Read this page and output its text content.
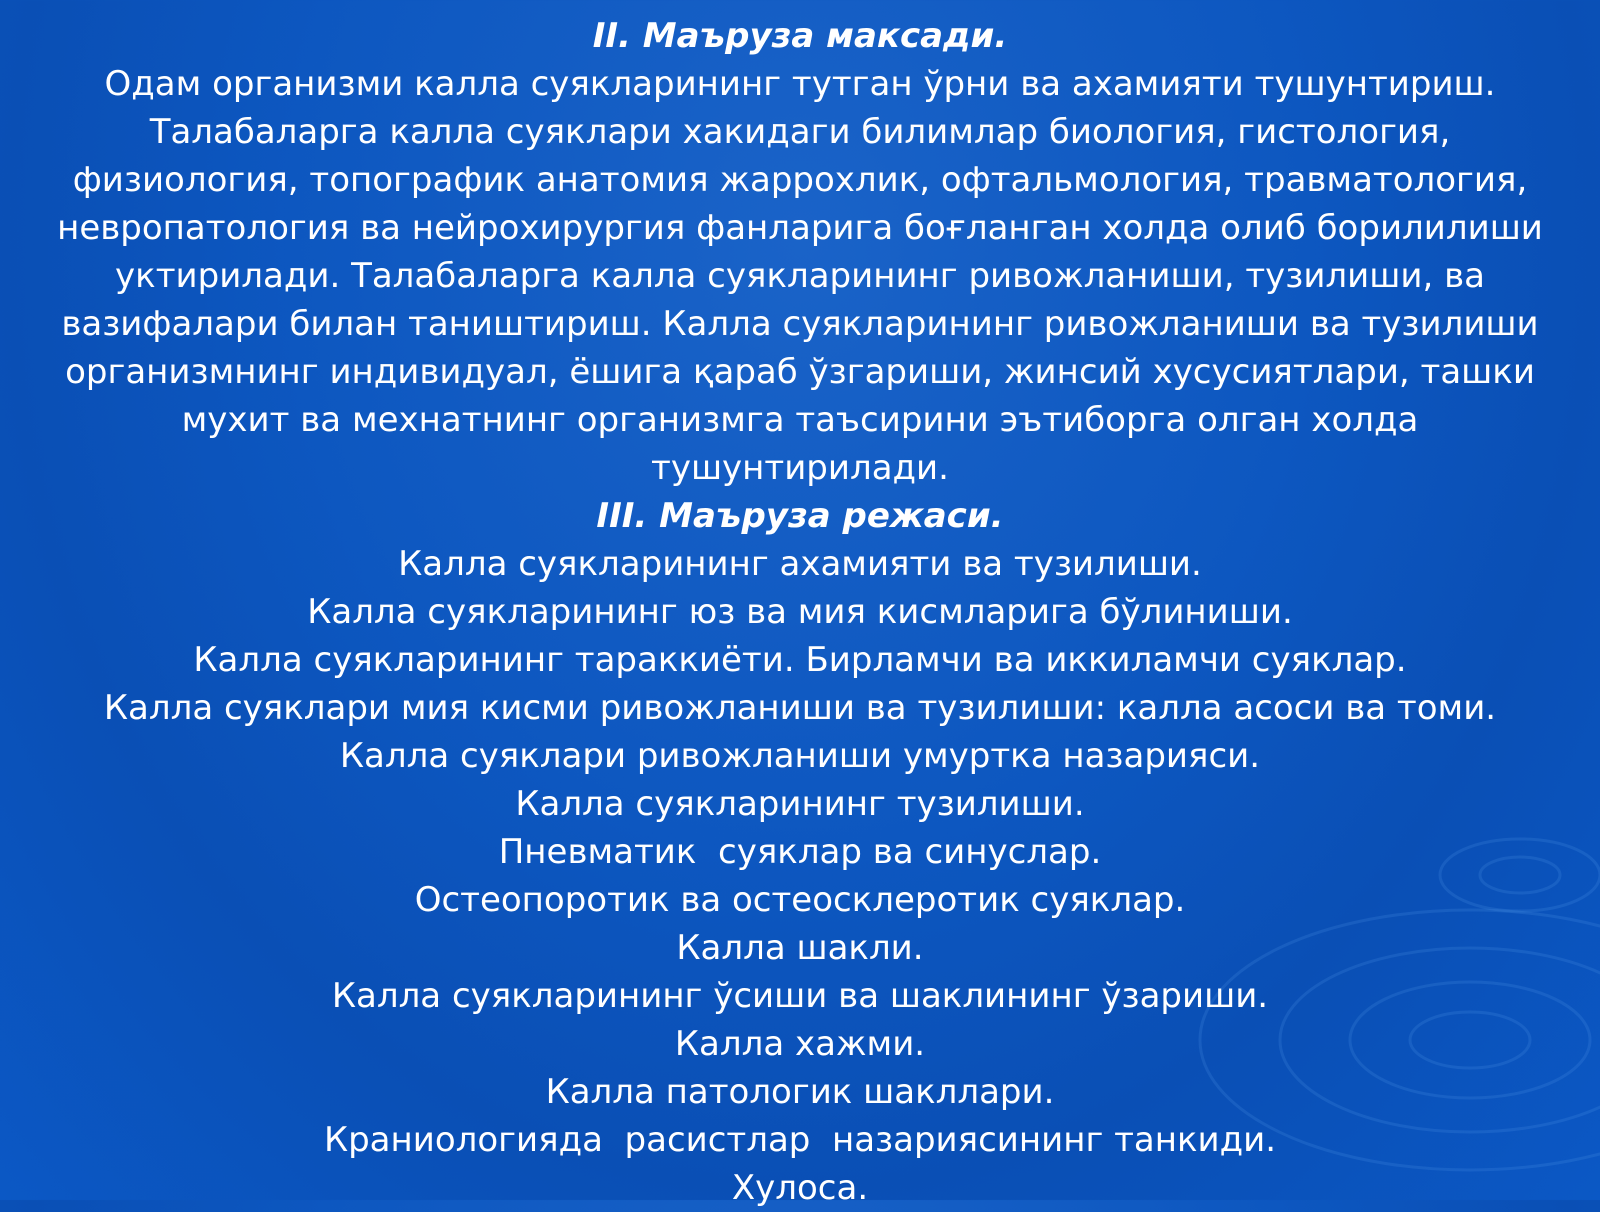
II. Маъруза максади.

Одам организми калла суякларининг тутган ўрни ва ахамияти тушунтириш. Талабаларга калла суяклари хакидаги билимлар биология, гистология, физиология, топографик анатомия жаррохлик, офтальмология, травматология, невропатология ва нейрохирургия фанларига боғланган холда олиб борилилиши уктирилади. Талабаларга калла суякларининг ривожланиши, тузилиши, ва вазифалари билан таништириш. Калла суякларининг ривожланиши ва тузилиши организмнинг индивидуал, ёшига қараб ўзгариши, жинсий хусусиятлари, ташки мухит ва мехнатнинг организмга таъсирини эътиборга олган холда тушунтирилади.

III. Маъруза режаси.
Калла суякларининг ахамияти ва тузилиши.
Калла суякларининг юз ва мия кисмларига бўлиниши.
Калла суякларининг тараккиёти. Бирламчи ва иккиламчи суяклар.
Калла суяклари мия кисми ривожланиши ва тузилиши: калла асоси ва томи.
Калла суяклари ривожланиши умуртка назарияси.
Калла суякларининг тузилиши.
Пневматик  суяклар ва синуслар.
Остеопоротик ва остеосклеротик суяклар.
Калла шакли.
Калла суякларининг ўсиши ва шаклининг ўзариши.
Калла хажми.
Калла патологик шакллари.
Краниологияда  расистлар  назариясининг танкиди.
Хулоса.
